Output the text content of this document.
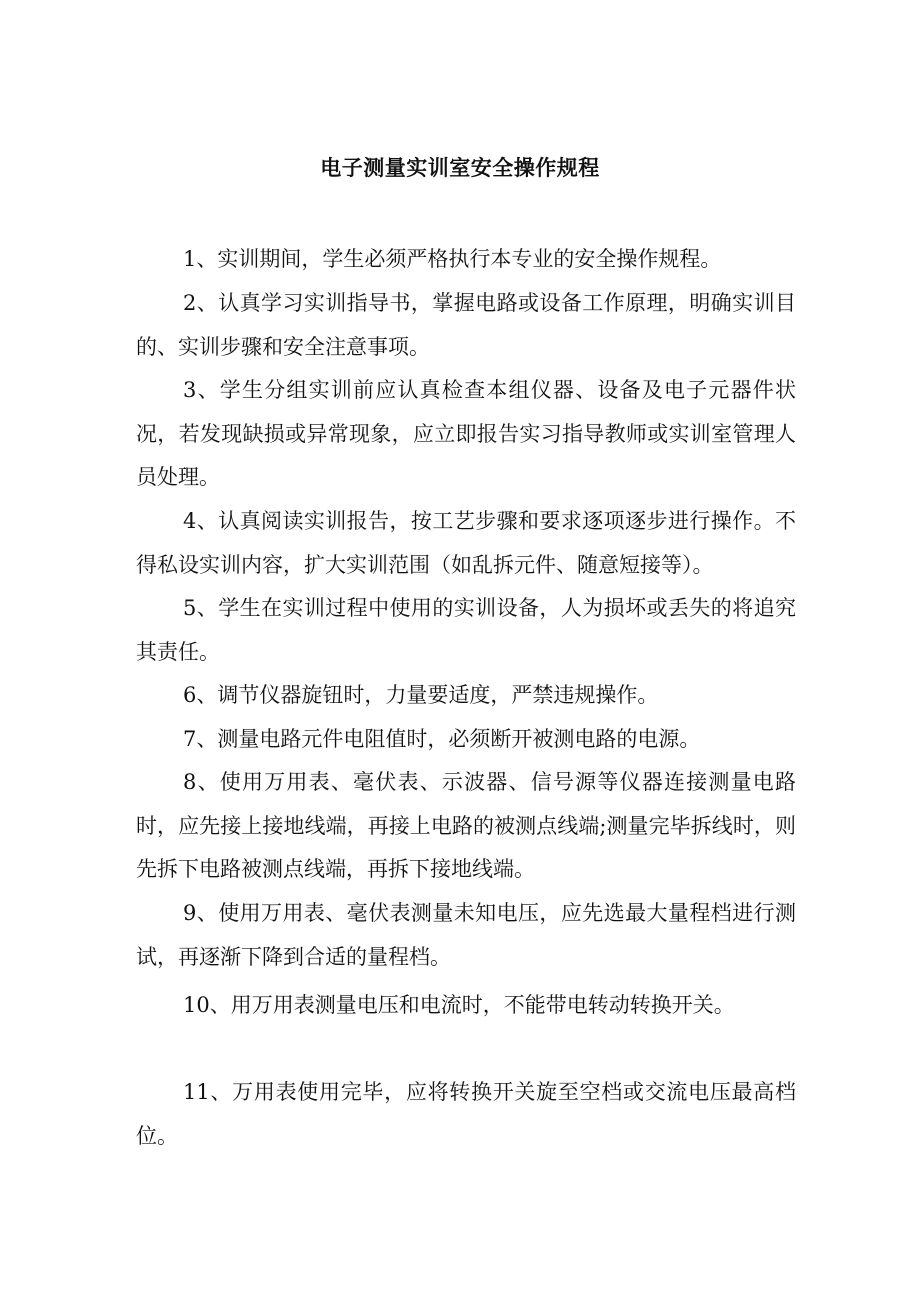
电子测量实训室安全操作规程

1、实训期间，学生必须严格执行本专业的安全操作规程。

2、认真学习实训指导书，掌握电路或设备工作原理，明确实训目的、实训步骤和安全注意事项。

3、学生分组实训前应认真检查本组仪器、设备及电子元器件状况，若发现缺损或异常现象，应立即报告实习指导教师或实训室管理人员处理。

4、认真阅读实训报告，按工艺步骤和要求逐项逐步进行操作。不得私设实训内容，扩大实训范围（如乱拆元件、随意短接等）。

5、学生在实训过程中使用的实训设备，人为损坏或丢失的将追究其责任。

6、调节仪器旋钮时，力量要适度，严禁违规操作。

7、测量电路元件电阻值时，必须断开被测电路的电源。

8、使用万用表、毫伏表、示波器、信号源等仪器连接测量电路时，应先接上接地线端，再接上电路的被测点线端;测量完毕拆线时，则先拆下电路被测点线端，再拆下接地线端。

9、使用万用表、毫伏表测量未知电压，应先选最大量程档进行测试，再逐渐下降到合适的量程档。

10、用万用表测量电压和电流时，不能带电转动转换开关。

11、万用表使用完毕，应将转换开关旋至空档或交流电压最高档位。
